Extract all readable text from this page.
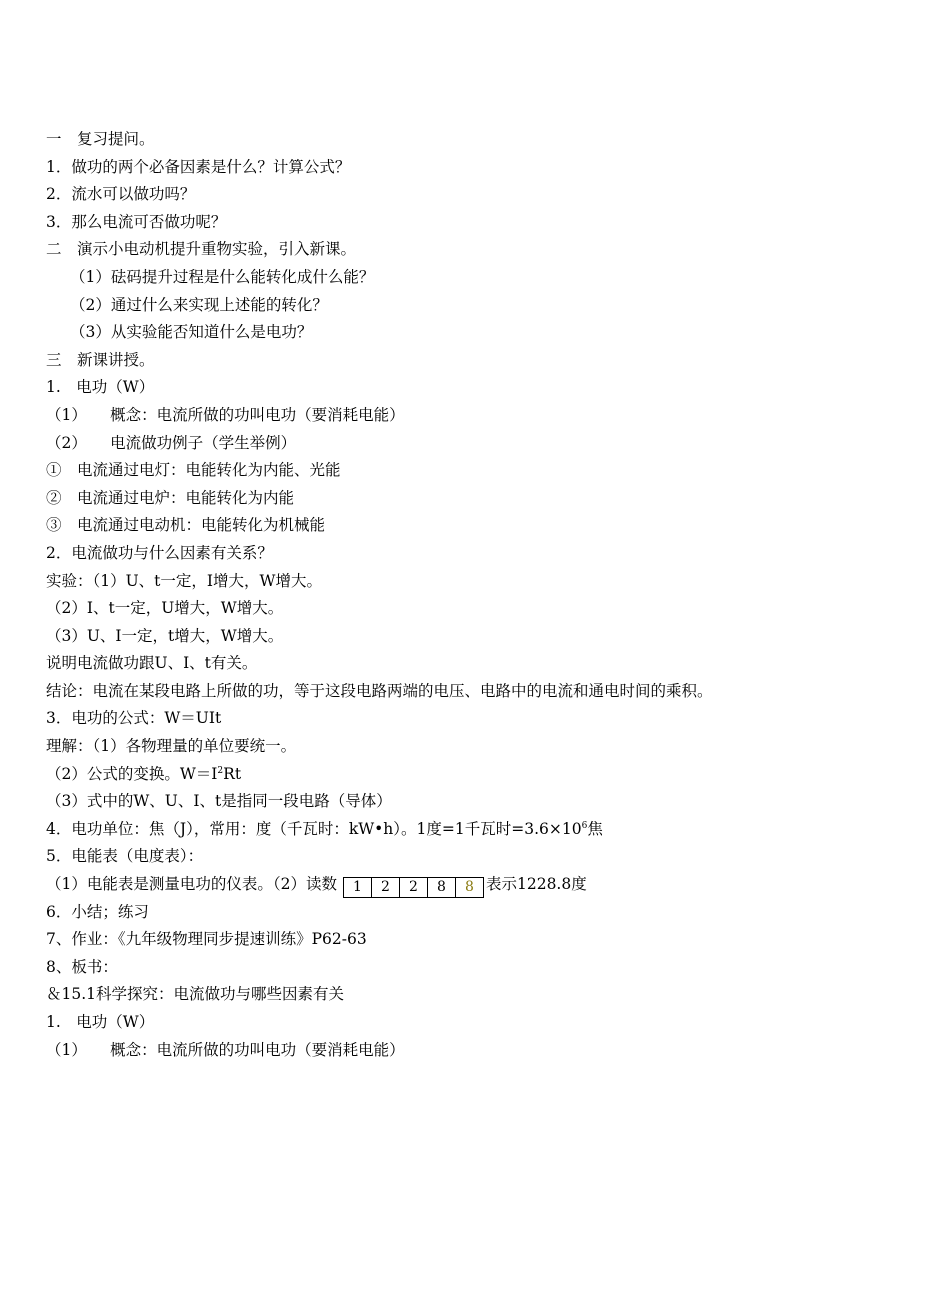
一　复习提问。
1．做功的两个必备因素是什么？计算公式？
2．流水可以做功吗？
3．那么电流可否做功呢？
二　演示小电动机提升重物实验，引入新课。
（1）砝码提升过程是什么能转化成什么能？
（2）通过什么来实现上述能的转化？
（3）从实验能否知道什么是电功？
三　新课讲授。
1.　电功（W）
（1）　　概念：电流所做的功叫电功（要消耗电能）
（2）　　电流做功例子（学生举例）
①　电流通过电灯：电能转化为内能、光能
②　电流通过电炉：电能转化为内能
③　电流通过电动机：电能转化为机械能
2．电流做功与什么因素有关系？
实验：（1）U、t一定，I增大，W增大。
（2）I、t一定，U增大，W增大。
（3）U、I一定，t增大，W增大。
说明电流做功跟U、I、t有关。
结论：电流在某段电路上所做的功，等于这段电路两端的电压、电路中的电流和通电时间的乘积。
3．电功的公式：W＝UIt
理解：（1）各物理量的单位要统一。
（2）公式的变换。$W=I^2Rt$
（3）式中的W、U、I、t是指同一段电路（导体）
4．电功单位：焦（J），常用：度（千瓦时：kW•h）。1度=1千瓦时$=3.6\times 10^6$焦
5．电能表（电度表）：
（1）电能表是测量电功的仪表。（2）读数	1	2	2	8	8 表示1228.8度
6．小结；练习
7、作业：《九年级物理同步提速训练》P62-63
8、板书：
＆15.1科学探究：电流做功与哪些因素有关
1.　电功（W）
（1）　　概念：电流所做的功叫电功（要消耗电能）
